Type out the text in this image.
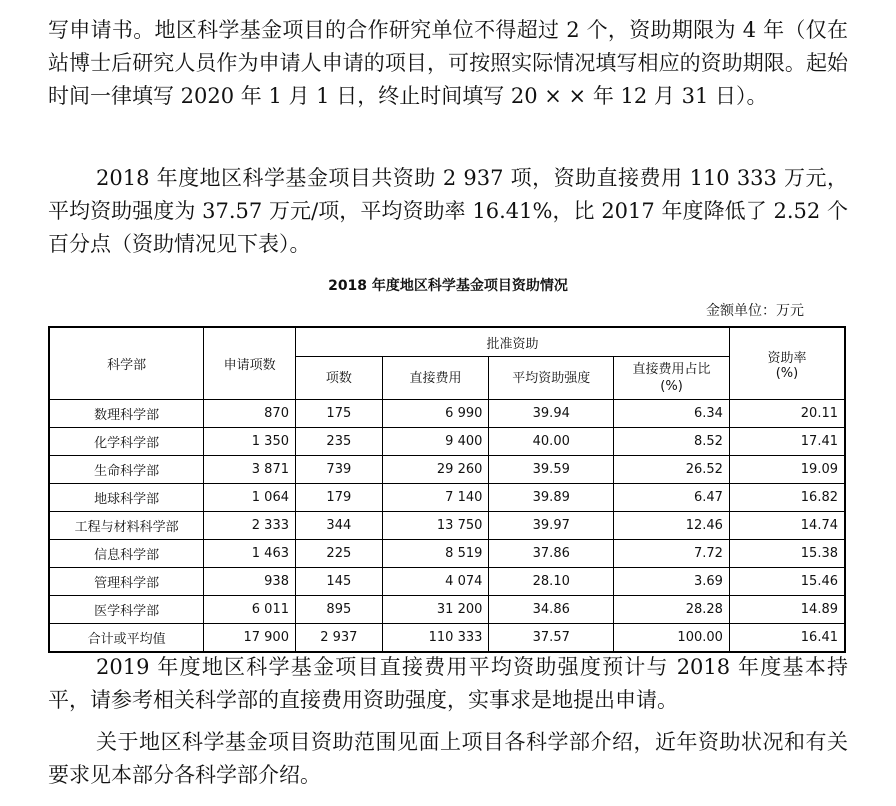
写申请书。地区科学基金项目的合作研究单位不得超过 2 个，资助期限为 4 年（仅在站博士后研究人员作为申请人申请的项目，可按照实际情况填写相应的资助期限。起始时间一律填写 2020 年 1 月 1 日，终止时间填写 20 × × 年 12 月 31 日）。

2018 年度地区科学基金项目共资助 2 937 项，资助直接费用 110 333 万元，平均资助强度为 37.57 万元/项，平均资助率 16.41%，比 2017 年度降低了 2.52 个百分点（资助情况见下表）。

2018 年度地区科学基金项目资助情况

金额单位：万元

科学部	申请项数	批准资助				资助率
(%)
		项数	直接费用	平均资助强度	直接费用占比
(%)	
数理科学部	870	175	6 990	39.94	6.34	20.11
化学科学部	1 350	235	9 400	40.00	8.52	17.41
生命科学部	3 871	739	29 260	39.59	26.52	19.09
地球科学部	1 064	179	7 140	39.89	6.47	16.82
工程与材料科学部	2 333	344	13 750	39.97	12.46	14.74
信息科学部	1 463	225	8 519	37.86	7.72	15.38
管理科学部	938	145	4 074	28.10	3.69	15.46
医学科学部	6 011	895	31 200	34.86	28.28	14.89
合计或平均值	17 900	2 937	110 333	37.57	100.00	16.41

2019 年度地区科学基金项目直接费用平均资助强度预计与 2018 年度基本持平，请参考相关科学部的直接费用资助强度，实事求是地提出申请。

关于地区科学基金项目资助范围见面上项目各科学部介绍，近年资助状况和有关要求见本部分各科学部介绍。
